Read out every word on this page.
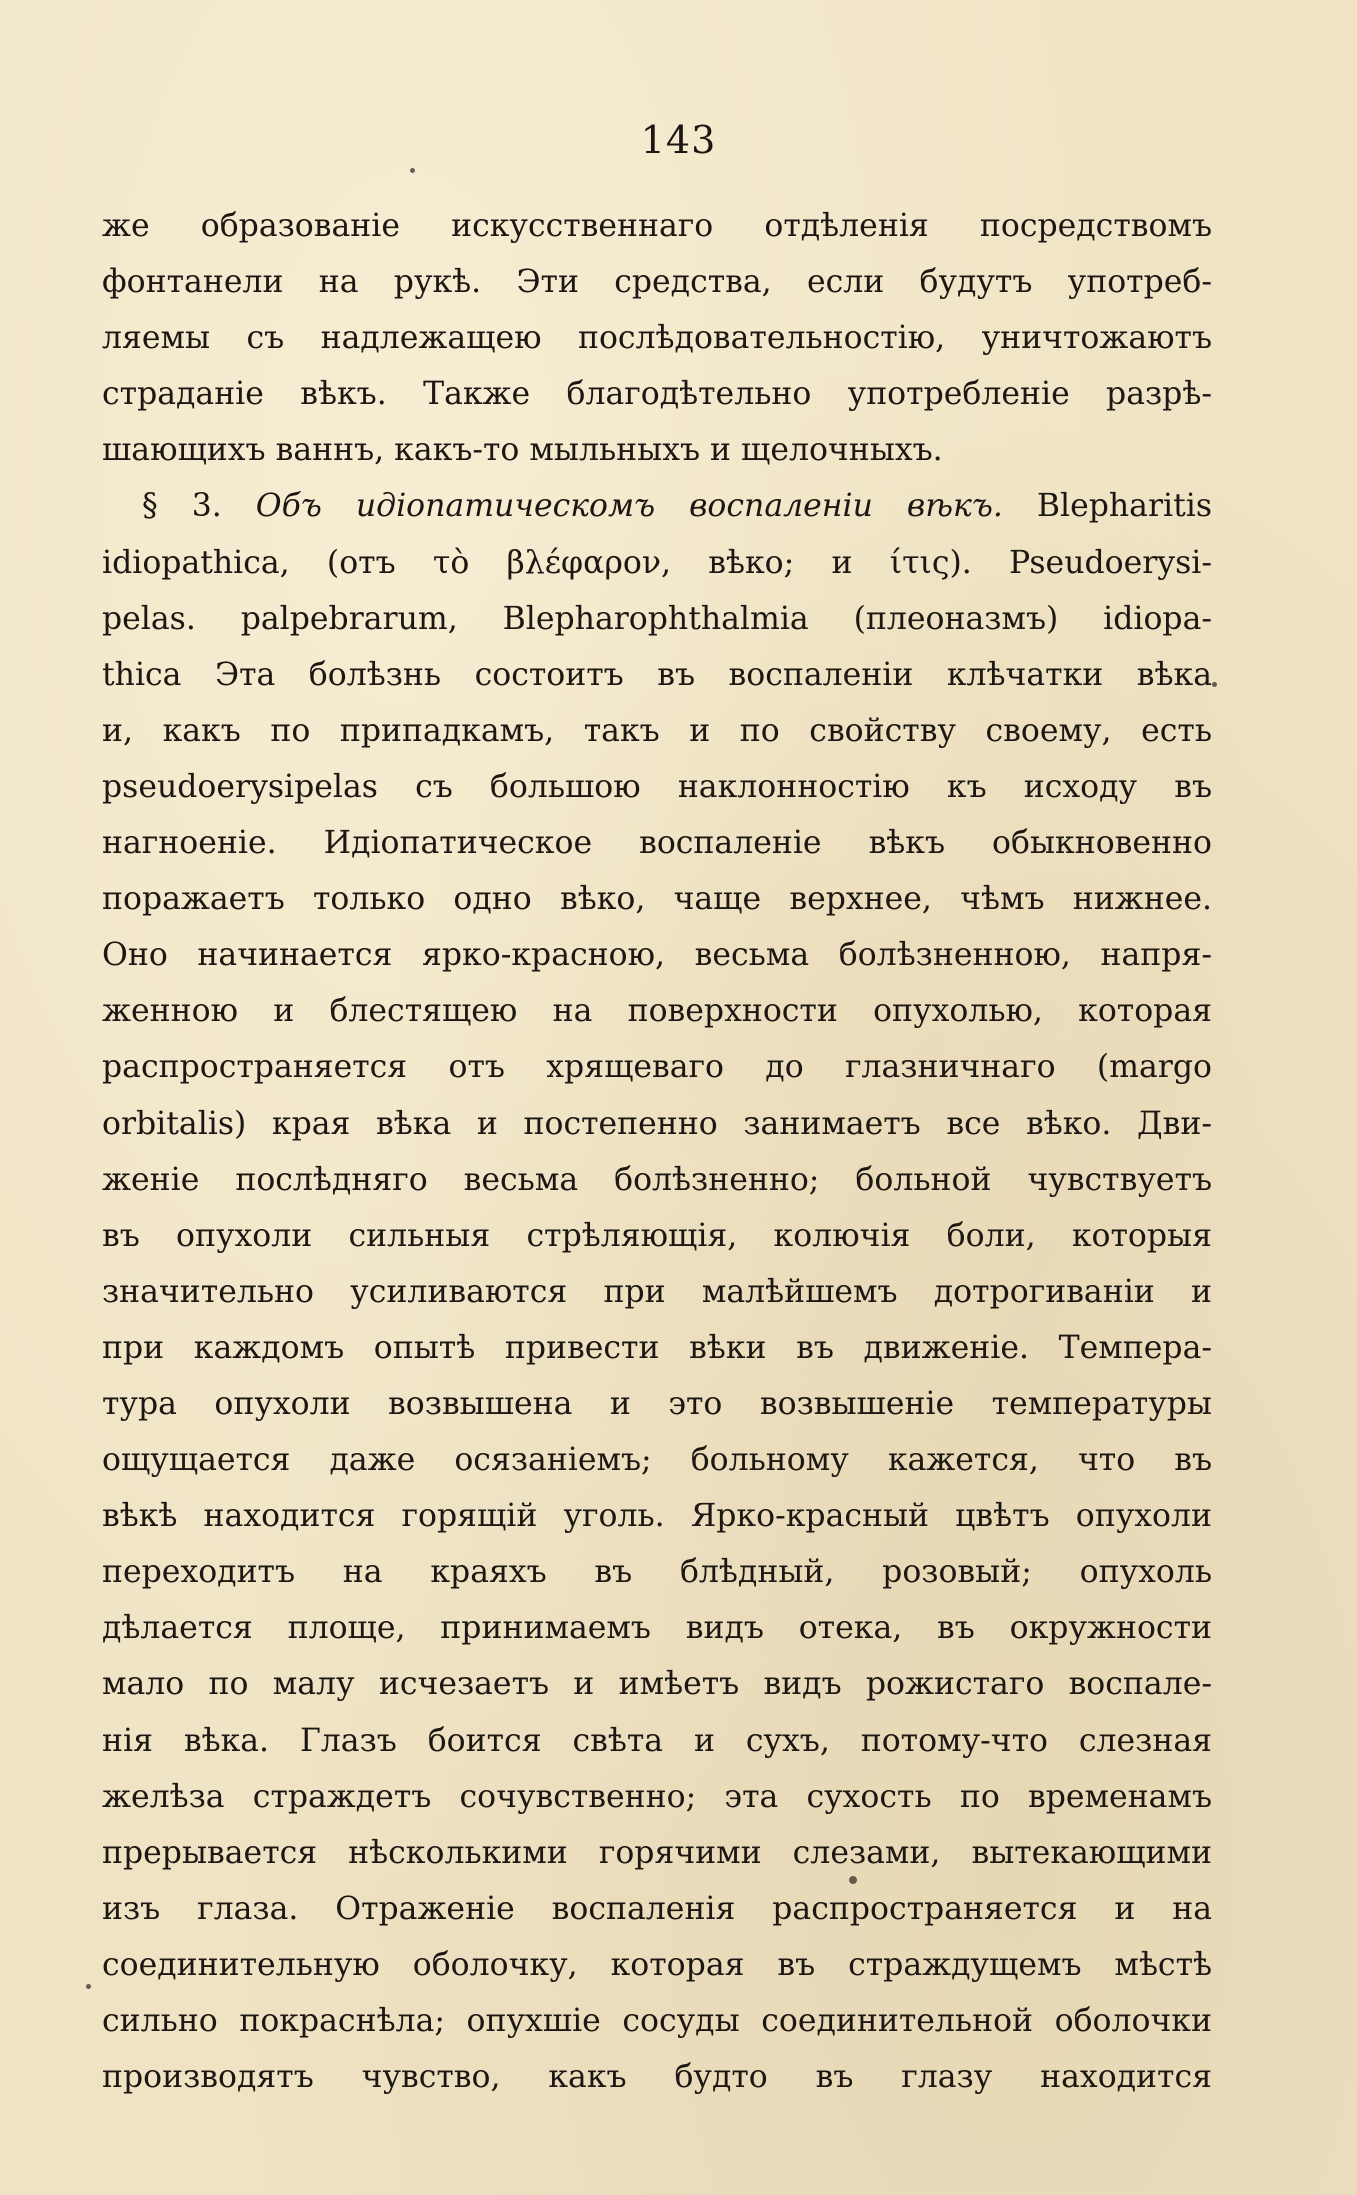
143
же образованіе искусственнаго отдѣленія посредствомъ
фонтанели на рукѣ. Эти средства, если будутъ употреб-
ляемы съ надлежащею послѣдовательностію, уничтожаютъ
страданіе вѣкъ. Также благодѣтельно употребленіе разрѣ-
шающихъ ваннъ, какъ-то мыльныхъ и щелочныхъ.
§ 3. Объ идіопатическомъ воспаленіи вѣкъ. Blepharitis
idiopathica, (отъ τὸ βλέφαρον, вѣко; и ίτις). Pseudoerysi-
pelas. palpebrarum, Blepharophthalmia (плеоназмъ) idiopa-
thica Эта болѣзнь состоитъ въ воспаленіи клѣчатки вѣка
и, какъ по припадкамъ, такъ и по свойству своему, есть
pseudoerysipelas съ большою наклонностію къ исходу въ
нагноеніе. Идіопатическое воспаленіе вѣкъ обыкновенно
поражаетъ только одно вѣко, чаще верхнее, чѣмъ нижнее.
Оно начинается ярко-красною, весьма болѣзненною, напря-
женною и блестящею на поверхности опухолью, которая
распространяется отъ хрящеваго до глазничнаго (margo
orbitalis) края вѣка и постепенно занимаетъ все вѣко. Дви-
женіе послѣдняго весьма болѣзненно; больной чувствуетъ
въ опухоли сильныя стрѣляющія, колючія боли, которыя
значительно усиливаются при малѣйшемъ дотрогиваніи и
при каждомъ опытѣ привести вѣки въ движеніе. Темпера-
тура опухоли возвышена и это возвышеніе температуры
ощущается даже осязаніемъ; больному кажется, что въ
вѣкѣ находится горящій уголь. Ярко-красный цвѣтъ опухоли
переходитъ на краяхъ въ блѣдный, розовый; опухоль
дѣлается площе, принимаемъ видъ отека, въ окружности
мало по малу исчезаетъ и имѣетъ видъ рожистаго воспале-
нія вѣка. Глазъ боится свѣта и сухъ, потому-что слезная
желѣза страждетъ сочувственно; эта сухость по временамъ
прерывается нѣсколькими горячими слезами, вытекающими
изъ глаза. Отраженіе воспаленія распространяется и на
соединительную оболочку, которая въ страждущемъ мѣстѣ
сильно покраснѣла; опухшіе сосуды соединительной оболочки
производятъ чувство, какъ будто въ глазу находится
